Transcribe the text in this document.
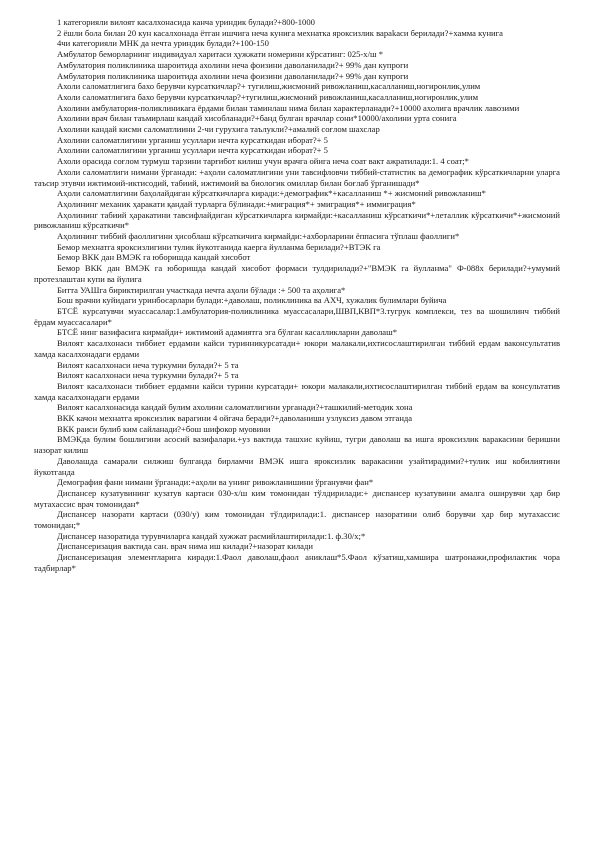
1 категорияли вилоят касалхонасида канча уриндик булади?+800-1000

2 ёшли бола билан 20 кун касалхонада ётган ишчига неча кунига мехнатка яроксизлик вараkаси берилади?+хамма кунига

4чи категорияли МНК да нечта уриндик булади?+100-150

Амбулатор беморларнинг индивидуал харитаси ҳужжати номерини кўрсатинг: 025-х/ш *

Амбулатория поликлиника шароитида ахолини неча фоизини даволанилади?+ 99% дан купроги

Амбулатория поликлиника шароитида ахолини неча фоизини даволанилади?+ 99% дан купроги

Ахоли саломатлигига бахо берувчи курсаткичлар?+ тугилиш,жисмоний ривожланиш,касалланиш,ногиронлик,улим

Ахоли саломатлигига бахо берувчи курсаткичлар?+тугилиш,жисмоний ривожланиш,касалланиш,ногиронлик,улим

Ахолини амбулатория-поликлиникага ёрдами билан таминлаш нима билан характерланади?+10000 ахолига врачлик лавозими

Ахолини врач билан таъмирлаш кандай хисобланади?+банд булган врачлар сони*10000/ахолини урта сонига

Ахолини кандай кисми саломатлиини 2-чи гурухига таълукли?+амалий соғлом шахслар

Ахолини саломатлигини урганиш усуллари нечта курсаткидан иборат?+ 5

Ахолини саломатлигини урганиш усуллари нечта курсаткидан иборат?+ 5

Ахоли орасида соғлом турмуш тарзини тарғибот килиш учун врачга ойига неча соат вакт ажратилади:1. 4 соат;*

Ахоли саломатлиги нимани ўрганади: +аҳоли саломатлигини уни тавсифловчи тиббий-статистик ва демографик кўрсаткичларни уларга таъсир этувчи ижтимоий-иктисодий, табиий, ижтимоий ва биологик омиллар билан боғлаб ўрганишади*

Аҳоли саломатлигини баҳолайдиган кўрсаткичларга киради:+демографик*+касалланиш *+ жисмоний ривожланиш*

Аҳолининг механик ҳаракати қандай турларга бўлинади:+миграция*+ эмиграция*+ иммиграция*

Аҳолининг табиий ҳаракатини тавсифлайдиган кўрсаткичларга кирмайди:+касалланиш кўрсаткичи*+леталлик кўрсаткичи*+жисмоний ривожланиш кўрсаткичи*

Аҳолининг тиббий фаоллигини ҳисоблаш кўрсаткичига кирмайди:+ахборларини ёппасига тўплаш фаоллиги*

Бемор мехнатга яроксизлигини тулик йукотганида каерга йулланма берилади?+ВТЭК га

Бемор ВКК дан ВМЭК га юборишда кандай хисобот

Бемор ВКК дан ВМЭК га юборишда кандай хисобот формаси тулдирилади?+"ВМЭК га йулланма" Ф-088х берилади?+умумий протезлаштан купи ва йулига

Битта УАШга бириктирилган участкада нечта аҳоли бўлади :+ 500 та аҳолига*

Бош врачни куйидаги уринбосарлари булади:+даволаш, поликлиника ва АХЧ, хужалик булимлари буйича

БТСЁ курсатувчи муассасалар:1.амбулатория-поликлиника муассасалари,ШВП,КВП*3.тугрук комплекси, тез ва шошилинч тиббий ёрдам муассасалари*

БТСЁ нинг вазифасига кирмайди+ ижтимоий адамиятга эга бўлган касалликларни даволаш*

Вилоят касалхонаси тиббиет ердамни кайси туринникурсатади+ юкори малакали,ихтисослаштирилган тиббий ердам ваконсультатив хамда касалхонадаги ердами

Вилоят касалхонаси неча туркумни булади?+ 5 та

Вилоят касалхонаси неча туркумни булади?+ 5 та

Вилоят касалхонаси тиббиет ердамни кайси турини курсатади+ юкори малакали,ихтисослаштирилган тиббий ердам ва консультатив хамда касалхонадаги ердами

Вилоят касалхонасида кандай булим ахолини саломатлигини урганади?+ташкилий-методик хона

ВКК качон мехнатга яроксизлик варагини 4 ойгача беради?+даволанишн узлуксиз давом этганда

ВКК раиси булиб ким сайланади?+бош шифокор муовини

ВМЭКда булим бошлигини асосий вазифалари.+уз вактида ташхис куйиш, тугри даволаш ва ишга яроксизлик варакасини беришни назорат килиш

Даволашда самарали силжиш булганда бирламчи ВМЭК ишга яроксизлик варакасини узайтирадими?+тулик иш кобилиятини йукотганда

Демография фани нимани ўрганади:+аҳоли ва унинг ривожланишини ўрганувчи фан*

Диспансер кузатувининг кузатув картаси 030-х/ш ким томонидан тўлдирилади:+ диспансер кузатувини амалга оширувчи ҳар бир мутахассис врач томонидан*

Диспансер назорати картаси (030/у) ким томонидан тўлдирилади:1. диспансер назоратини олиб борувчи ҳар бир мутахассис томонидан;*

Диспансер назоратида турувчиларга кандай хужжат расмийлаштирилади:1. ф.30/х;*

Диспансеризация вактида сан. врач нима иш килади?+назорат килади

Диспансеризация элементларига киради:1.Фаол даволаш,фаол аниклаш*5.Фаол кўзатиш,хамшира шатронажи,профилактик чора тадбирлар*
